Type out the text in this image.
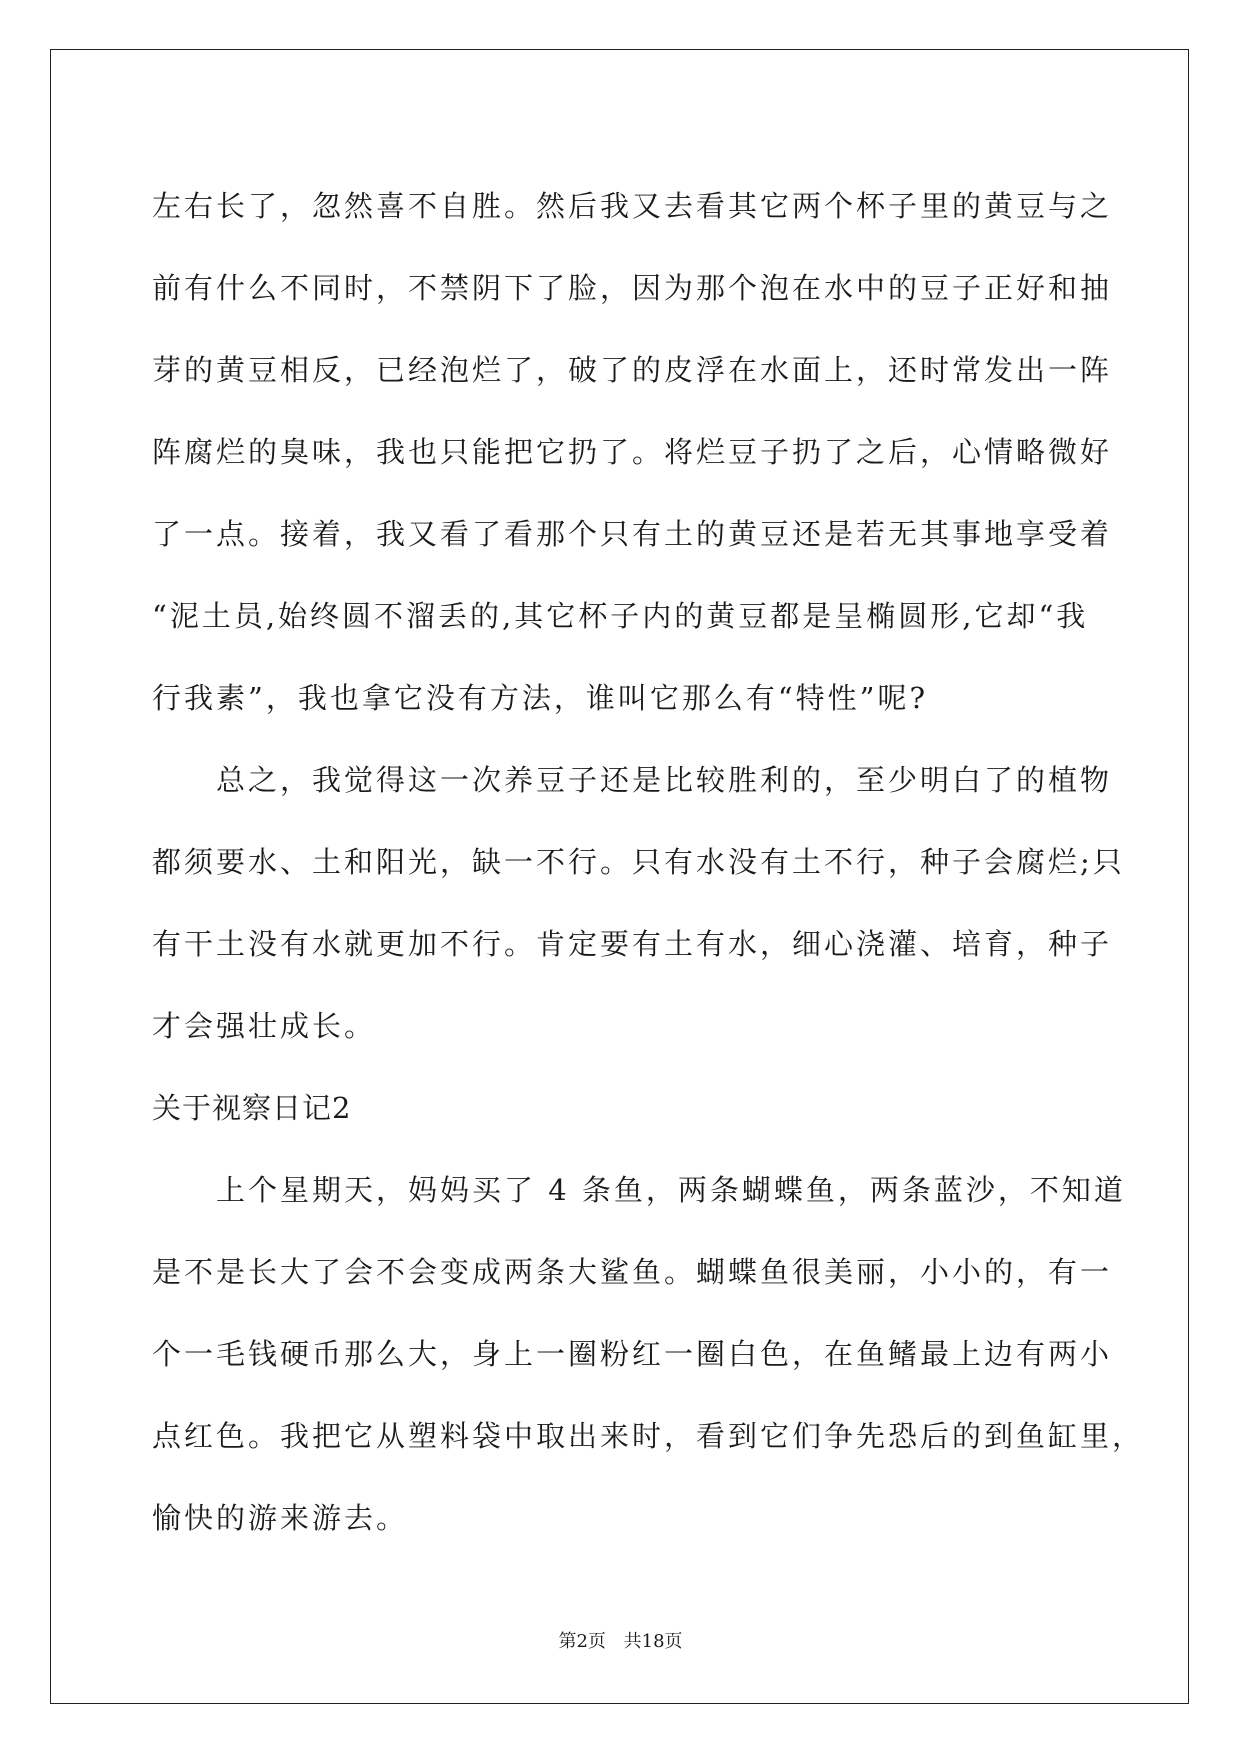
左右长了，忽然喜不自胜。然后我又去看其它两个杯子里的黄豆与之
前有什么不同时，不禁阴下了脸，因为那个泡在水中的豆子正好和抽
芽的黄豆相反，已经泡烂了，破了的皮浮在水面上，还时常发出一阵
阵腐烂的臭味，我也只能把它扔了。将烂豆子扔了之后，心情略微好
了一点。接着，我又看了看那个只有土的黄豆还是若无其事地享受着
“泥土员,始终圆不溜丢的,其它杯子内的黄豆都是呈椭圆形,它却“我
行我素”，我也拿它没有方法，谁叫它那么有“特性”呢?
总之，我觉得这一次养豆子还是比较胜利的，至少明白了的植物
都须要水、土和阳光，缺一不行。只有水没有土不行，种子会腐烂;只
有干土没有水就更加不行。肯定要有土有水，细心浇灌、培育，种子
才会强壮成长。
关于视察日记2
上个星期天，妈妈买了 4 条鱼，两条蝴蝶鱼，两条蓝沙，不知道
是不是长大了会不会变成两条大鲨鱼。蝴蝶鱼很美丽，小小的，有一
个一毛钱硬币那么大，身上一圈粉红一圈白色，在鱼鳍最上边有两小
点红色。我把它从塑料袋中取出来时，看到它们争先恐后的到鱼缸里，
愉快的游来游去。
第2页 共18页
